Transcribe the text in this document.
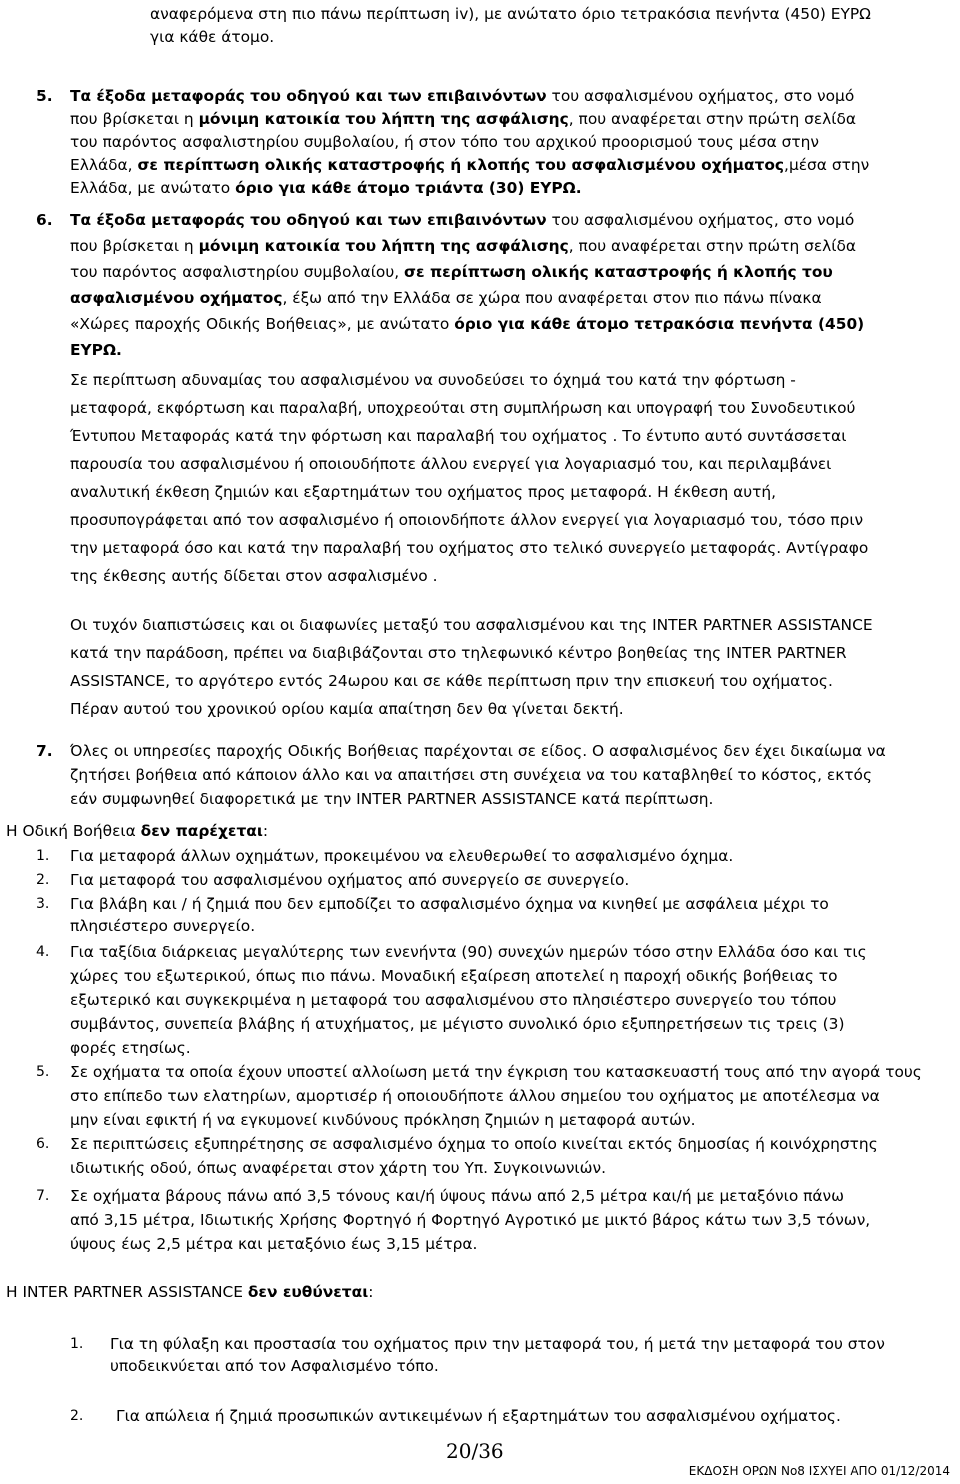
αναφερόμενα στη πιο πάνω περίπτωση iv), με ανώτατο όριο τετρακόσια πενήντα (450) ΕΥΡΩ
για κάθε άτομο.
5. Τα έξοδα μεταφοράς του οδηγού και των επιβαινόντων του ασφαλισμένου οχήματος, στο νομό
που βρίσκεται η μόνιμη κατοικία του λήπτη της ασφάλισης, που αναφέρεται στην πρώτη σελίδα
του παρόντος ασφαλιστηρίου συμβολαίου, ή στον τόπο του αρχικού προορισμού τους μέσα στην
Ελλάδα, σε περίπτωση ολικής καταστροφής ή κλοπής του ασφαλισμένου οχήματος,μέσα στην
Ελλάδα, με ανώτατο όριο για κάθε άτομο τριάντα (30) ΕΥΡΩ.
6. Τα έξοδα μεταφοράς του οδηγού και των επιβαινόντων του ασφαλισμένου οχήματος, στο νομό
που βρίσκεται η μόνιμη κατοικία του λήπτη της ασφάλισης, που αναφέρεται στην πρώτη σελίδα
του παρόντος ασφαλιστηρίου συμβολαίου, σε περίπτωση ολικής καταστροφής ή κλοπής του
ασφαλισμένου οχήματος, έξω από την Ελλάδα σε χώρα που αναφέρεται στον πιο πάνω πίνακα
«Χώρες παροχής Οδικής Βοήθειας», με ανώτατο όριο για κάθε άτομο τετρακόσια πενήντα (450)
ΕΥΡΩ.
Σε περίπτωση αδυναμίας του ασφαλισμένου να συνοδεύσει το όχημά του κατά την φόρτωση -
μεταφορά, εκφόρτωση και παραλαβή, υποχρεούται στη συμπλήρωση και υπογραφή του Συνοδευτικού
Έντυπου Μεταφοράς κατά την φόρτωση και παραλαβή του οχήματος . Το έντυπο αυτό συντάσσεται
παρουσία του ασφαλισμένου ή οποιουδήποτε άλλου ενεργεί για λογαριασμό του, και περιλαμβάνει
αναλυτική έκθεση ζημιών και εξαρτημάτων του οχήματος προς μεταφορά. Η έκθεση αυτή,
προσυπογράφεται από τον ασφαλισμένο ή οποιονδήποτε άλλον ενεργεί για λογαριασμό του, τόσο πριν
την μεταφορά όσο και κατά την παραλαβή του οχήματος στο τελικό συνεργείο μεταφοράς. Αντίγραφο
της έκθεσης αυτής δίδεται στον ασφαλισμένο .
Οι τυχόν διαπιστώσεις και οι διαφωνίες μεταξύ του ασφαλισμένου και της INTER PARTNER ASSISTANCE
κατά την παράδοση, πρέπει να διαβιβάζονται στο τηλεφωνικό κέντρο βοηθείας της INTER PARTNER
ASSISTANCE, το αργότερο εντός 24ωρου και σε κάθε περίπτωση πριν την επισκευή του οχήματος.
Πέραν αυτού του χρονικού ορίου καμία απαίτηση δεν θα γίνεται δεκτή.
7. Όλες οι υπηρεσίες παροχής Οδικής Βοήθειας παρέχονται σε είδος. Ο ασφαλισμένος δεν έχει δικαίωμα να
ζητήσει βοήθεια από κάποιον άλλο και να απαιτήσει στη συνέχεια να του καταβληθεί το κόστος, εκτός
εάν συμφωνηθεί διαφορετικά με την INTER PARTNER ASSISTANCE κατά περίπτωση.
Η Οδική Βοήθεια δεν παρέχεται:
1. Για μεταφορά άλλων οχημάτων, προκειμένου να ελευθερωθεί το ασφαλισμένο όχημα.
2. Για μεταφορά του ασφαλισμένου οχήματος από συνεργείο σε συνεργείο.
3. Για βλάβη και / ή ζημιά που δεν εμποδίζει το ασφαλισμένο όχημα να κινηθεί με ασφάλεια μέχρι το
πλησιέστερο συνεργείο.
4. Για ταξίδια διάρκειας μεγαλύτερης των ενενήντα (90) συνεχών ημερών τόσο στην Ελλάδα όσο και τις
χώρες του εξωτερικού, όπως πιο πάνω. Μοναδική εξαίρεση αποτελεί η παροχή οδικής βοήθειας το
εξωτερικό και συγκεκριμένα η μεταφορά του ασφαλισμένου στο πλησιέστερο συνεργείο του τόπου
συμβάντος, συνεπεία βλάβης ή ατυχήματος, με μέγιστο συνολικό όριο εξυπηρετήσεων τις τρεις (3)
φορές ετησίως.
5. Σε οχήματα τα οποία έχουν υποστεί αλλοίωση μετά την έγκριση του κατασκευαστή τους από την αγορά τους
στο επίπεδο των ελατηρίων, αμορτισέρ ή οποιουδήποτε άλλου σημείου του οχήματος με αποτέλεσμα να
μην είναι εφικτή ή να εγκυμονεί κινδύνους πρόκληση ζημιών η μεταφορά αυτών.
6. Σε περιπτώσεις εξυπηρέτησης σε ασφαλισμένο όχημα το οποίο κινείται εκτός δημοσίας ή κοινόχρηστης
ιδιωτικής οδού, όπως αναφέρεται στον χάρτη του Υπ. Συγκοινωνιών.
7. Σε οχήματα βάρους πάνω από 3,5 τόνους και/ή ύψους πάνω από 2,5 μέτρα και/ή με μεταξόνιο πάνω
από 3,15 μέτρα, Ιδιωτικής Χρήσης Φορτηγό ή Φορτηγό Αγροτικό με μικτό βάρος κάτω των 3,5 τόνων,
ύψους έως 2,5 μέτρα και μεταξόνιο έως 3,15 μέτρα.
Η INTER PARTNER ASSISTANCE δεν ευθύνεται:
1. Για τη φύλαξη και προστασία του οχήματος πριν την μεταφορά του, ή μετά την μεταφορά του στον
υποδεικνύεται από τον Ασφαλισμένο τόπο.
2. Για απώλεια ή ζημιά προσωπικών αντικειμένων ή εξαρτημάτων του ασφαλισμένου οχήματος.
20/36
ΕΚΔΟΣΗ ΟΡΩΝ Νο8 ΙΣΧΥΕΙ ΑΠΟ 01/12/2014
